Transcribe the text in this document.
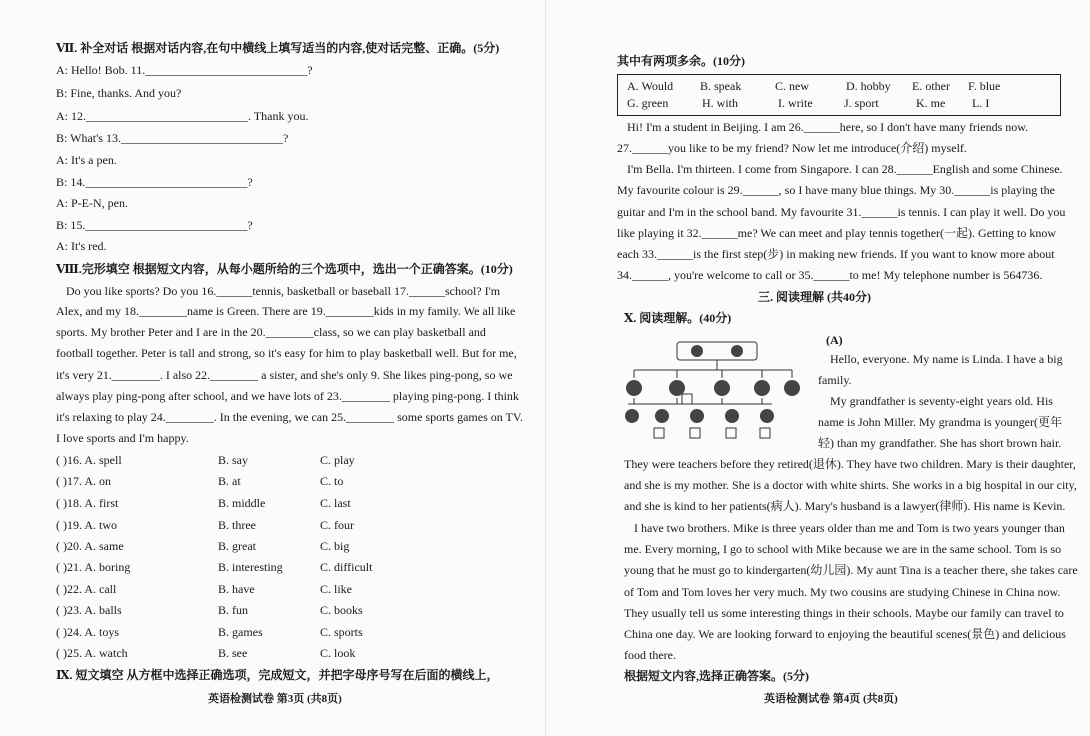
Ⅶ. 补全对话 根据对话内容,在句中横线上填写适当的内容,使对话完整、正确。(5分)
A: Hello! Bob. 11.___________________________?
B: Fine, thanks. And you?
A: 12.___________________________. Thank you.
B: What's 13.___________________________?
A: It's a pen.
B: 14.___________________________?
A: P-E-N, pen.
B: 15.___________________________?
A: It's red.
Ⅷ.完形填空 根据短文内容，从每小题所给的三个选项中，选出一个正确答案。(10分)
Do you like sports? Do you 16.______tennis, basketball or baseball 17.______school? I'm
Alex, and my 18.________name is Green. There are 19.________kids in my family. We all like
sports. My brother Peter and I are in the 20.________class, so we can play basketball and
football together. Peter is tall and strong, so it's easy for him to play basketball well. But for me,
it's very 21.________. I also 22.________ a sister, and she's only 9. She likes ping-pong, so we
always play ping-pong after school, and we have lots of 23.________ playing ping-pong. I think
it's relaxing to play 24.________. In the evening, we can 25.________ some sports games on TV.
I love sports and I'm happy.
( )16. A. spell	B. say	C. play
( )17. A. on	B. at	C. to
( )18. A. first	B. middle	C. last
( )19. A. two	B. three	C. four
( )20. A. same	B. great	C. big
( )21. A. boring	B. interesting	C. difficult
( )22. A. call	B. have	C. like
( )23. A. balls	B. fun	C. books
( )24. A. toys	B. games	C. sports
( )25. A. watch	B. see	C. look
Ⅸ. 短文填空 从方框中选择正确选项，完成短文，并把字母序号写在后面的横线上，
英语检测试卷 第3页 (共8页)
其中有两项多余。(10分)
A. Would B. speak	C. new	D. hobby E. other F. blue
G. green	H. with	I. write	J. sport	K. me L. I
Hi! I'm a student in Beijing. I am 26.______here, so I don't have many friends now.
27.______you like to be my friend? Now let me introduce(介绍) myself.
I'm Bella. I'm thirteen. I come from Singapore. I can 28.______English and some Chinese.
My favourite colour is 29.______, so I have many blue things. My 30.______is playing the
guitar and I'm in the school band. My favourite 31.______is tennis. I can play it well. Do you
like playing it 32.______me? We can meet and play tennis together(一起). Getting to know
each 33.______is the first step(步) in making new friends. If you want to know more about
34.______, you're welcome to call or 35.______to me! My telephone number is 564736.
三. 阅读理解 (共40分)
Ⅹ. 阅读理解。(40分)
(A)
Hello, everyone. My name is Linda. I have a big
family.
My grandfather is seventy-eight years old. His
name is John Miller. My grandma is younger(更年
轻) than my grandfather. She has short brown hair.
They were teachers before they retired(退休). They have two children. Mary is their daughter,
and she is my mother. She is a doctor with white shirts. She works in a big hospital in our city,
and she is kind to her patients(病人). Mary's husband is a lawyer(律师). His name is Kevin.
I have two brothers. Mike is three years older than me and Tom is two years younger than
me. Every morning, I go to school with Mike because we are in the same school. Tom is so
young that he must go to kindergarten(幼儿园). My aunt Tina is a teacher there, she takes care
of Tom and Tom loves her very much. My two cousins are studying Chinese in China now.
They usually tell us some interesting things in their schools. Maybe our family can travel to
China one day. We are looking forward to enjoying the beautiful scenes(景色) and delicious
food there.
根据短文内容,选择正确答案。(5分)
英语检测试卷 第4页 (共8页)
